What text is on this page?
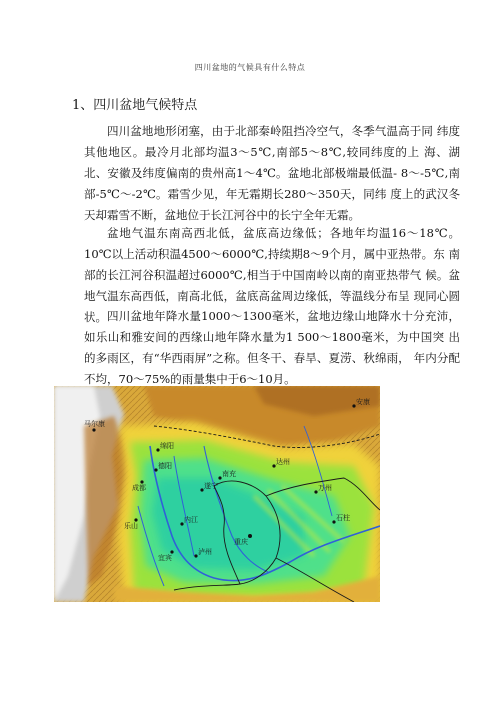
四川盆地的气候具有什么特点
1、四川盆地气候特点
四川盆地地形闭塞，由于北部秦岭阻挡冷空气，冬季气温高于同 纬度其他地区。最冷月北部均温3～5℃,南部5～8℃,较同纬度的上 海、湖北、安徽及纬度偏南的贵州高1～4℃。盆地北部极端最低温- 8～-5℃,南部-5℃～-2℃。霜雪少见，年无霜期长280～350天，同纬 度上的武汉冬天却霜雪不断，盆地位于长江河谷中的长宁全年无霜。
盆地气温东南高西北低，盆底高边缘低；各地年均温16～18℃。 10℃以上活动积温4500～6000℃,持续期8～9个月，属中亚热带。东 南部的长江河谷积温超过6000℃,相当于中国南岭以南的南亚热带气 候。盆地气温东高西低，南高北低，盆底高盆周边缘低，等温线分布呈 现同心圆状。 四川盆地年降水量1000～1300毫米，盆地边缘山地降水十分充沛，如乐山和雅安间的西缘山地年降水量为1 500～1800毫米，为中国突 出的多雨区，有“华西雨屏”之称。但冬干、春旱、夏涝、秋绵雨， 年内分配不均，70～75%的雨量集中于6～10月。
马尔康
绵阳
德阳
成都
南充
达州
遂宁
乐山
内江
重庆
宜宾
泸州
石柱
安康
万州
